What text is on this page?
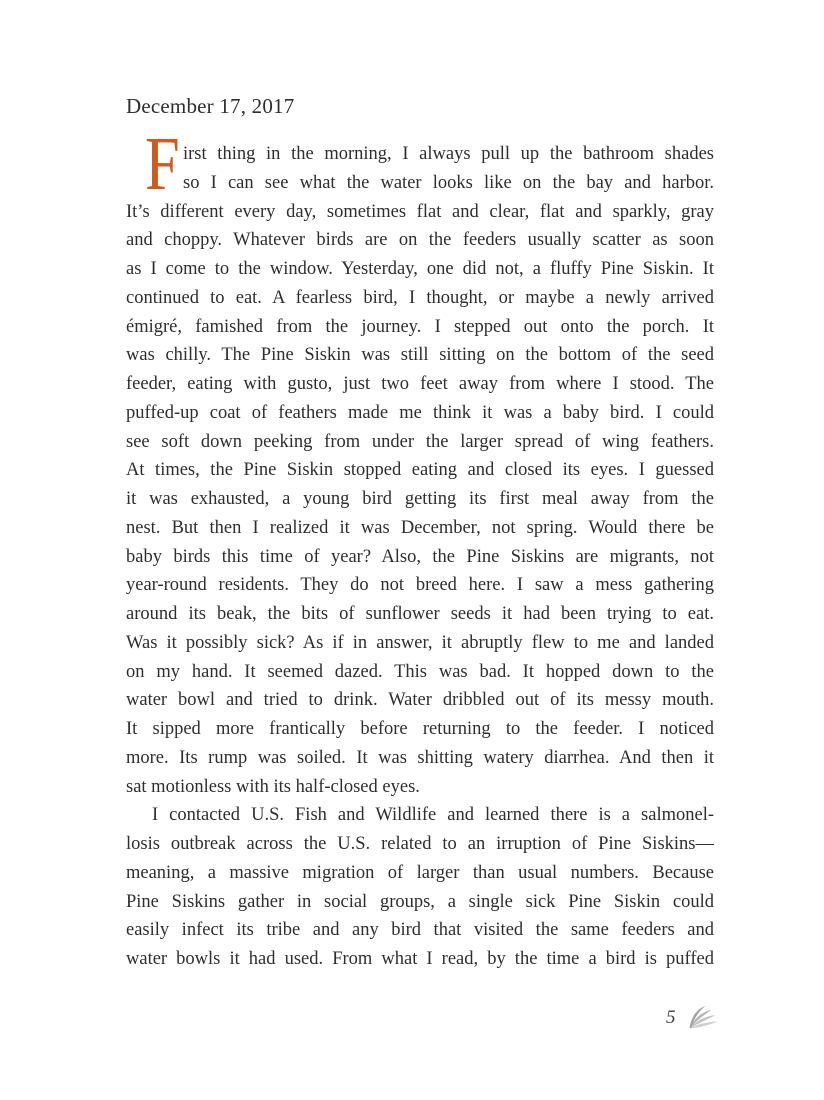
December 17, 2017
F irst thing in the morning, I always pull up the bathroom shades
so I can see what the water looks like on the bay and harbor.
It’s different every day, sometimes flat and clear, flat and sparkly, gray
and choppy. Whatever birds are on the feeders usually scatter as soon
as I come to the window. Yesterday, one did not, a fluffy Pine Siskin. It
continued to eat. A fearless bird, I thought, or maybe a newly arrived
émigré, famished from the journey. I stepped out onto the porch. It
was chilly. The Pine Siskin was still sitting on the bottom of the seed
feeder, eating with gusto, just two feet away from where I stood. The
puffed-up coat of feathers made me think it was a baby bird. I could
see soft down peeking from under the larger spread of wing feathers.
At times, the Pine Siskin stopped eating and closed its eyes. I guessed
it was exhausted, a young bird getting its first meal away from the
nest. But then I realized it was December, not spring. Would there be
baby birds this time of year? Also, the Pine Siskins are migrants, not
year-round residents. They do not breed here. I saw a mess gathering
around its beak, the bits of sunflower seeds it had been trying to eat.
Was it possibly sick? As if in answer, it abruptly flew to me and landed
on my hand. It seemed dazed. This was bad. It hopped down to the
water bowl and tried to drink. Water dribbled out of its messy mouth.
It sipped more frantically before returning to the feeder. I noticed
more. Its rump was soiled. It was shitting watery diarrhea. And then it
sat motionless with its half-closed eyes.
I contacted U.S. Fish and Wildlife and learned there is a salmonel-
losis outbreak across the U.S. related to an irruption of Pine Siskins—
meaning, a massive migration of larger than usual numbers. Because
Pine Siskins gather in social groups, a single sick Pine Siskin could
easily infect its tribe and any bird that visited the same feeders and
water bowls it had used. From what I read, by the time a bird is puffed
5
